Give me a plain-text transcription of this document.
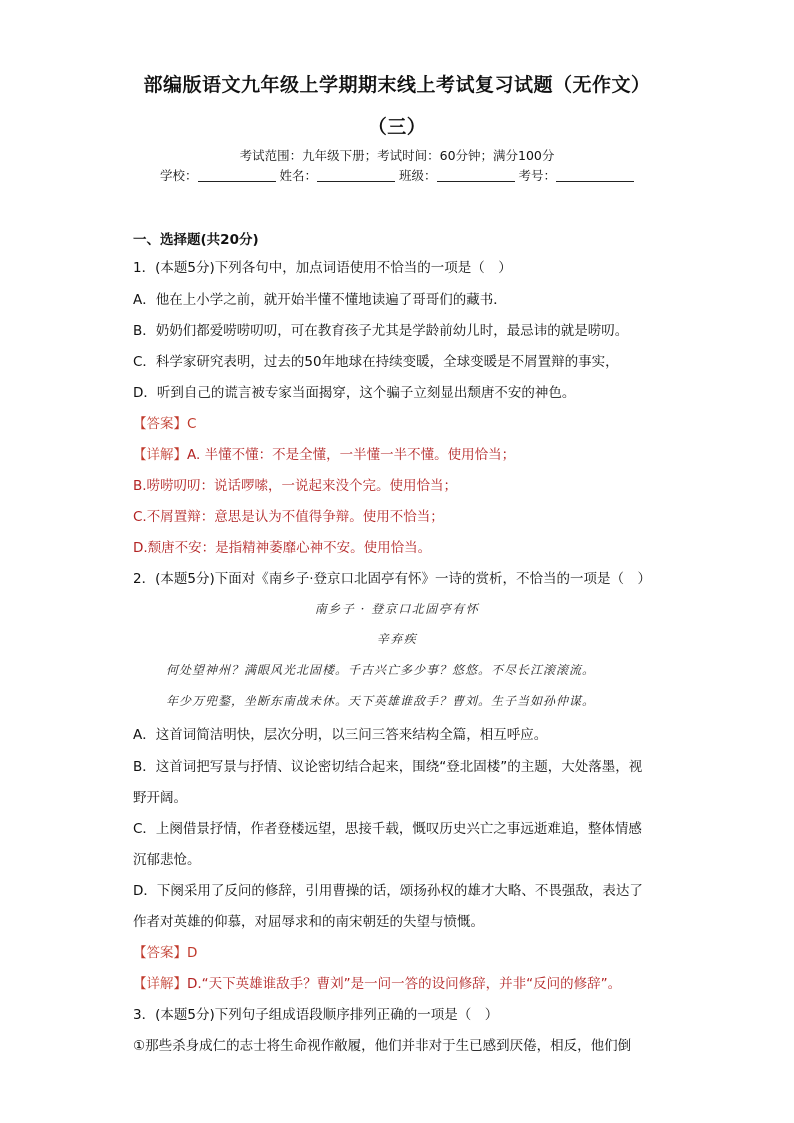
部编版语文九年级上学期期末线上考试复习试题（无作文）
（三）
考试范围：九年级下册；考试时间：60分钟；满分100分
学校：	姓名：	班级：	考号：
一、选择题(共20分)
1．(本题5分)下列各句中，加点词语使用不恰当的一项是（　）
A．他在上小学之前，就开始半懂不懂地读遍了哥哥们的藏书．
B．奶奶们都爱唠唠叨叨，可在教育孩子尤其是学龄前幼儿时，最忌讳的就是唠叨。
C．科学家研究表明，过去的50年地球在持续变暖，全球变暖是不屑置辩的事实，
D．听到自己的谎言被专家当面揭穿，这个骗子立刻显出颓唐不安的神色。
【答案】C
【详解】A. 半懂不懂：不是全懂，一半懂一半不懂。使用恰当；
B.唠唠叨叨：说话啰嗦，一说起来没个完。使用恰当；
C.不屑置辩：意思是认为不值得争辩。使用不恰当；
D.颓唐不安：是指精神萎靡心神不安。使用恰当。
2．(本题5分)下面对《南乡子·登京口北固亭有怀》一诗的赏析，不恰当的一项是（　）
南乡子 · 登京口北固亭有怀
辛弃疾
何处望神州？满眼风光北固楼。千古兴亡多少事？悠悠。不尽长江滚滚流。
年少万兜鍪，坐断东南战未休。天下英雄谁敌手？曹刘。生子当如孙仲谋。
A．这首词简洁明快，层次分明，以三问三答来结构全篇，相互呼应。
B．这首词把写景与抒情、议论密切结合起来，围绕“登北固楼”的主题，大处落墨，视
野开阔。
C．上阕借景抒情，作者登楼远望，思接千载，慨叹历史兴亡之事远逝难追，整体情感
沉郁悲怆。
D．下阕采用了反问的修辞，引用曹操的话，颂扬孙权的雄才大略、不畏强敌，表达了
作者对英雄的仰慕，对屈辱求和的南宋朝廷的失望与愤慨。
【答案】D
【详解】D.“天下英雄谁敌手？曹刘”是一问一答的设问修辞，并非“反问的修辞”。
3．(本题5分)下列句子组成语段顺序排列正确的一项是（　）
①那些杀身成仁的志士将生命视作敝履，他们并非对于生已感到厌倦，相反，他们倒
